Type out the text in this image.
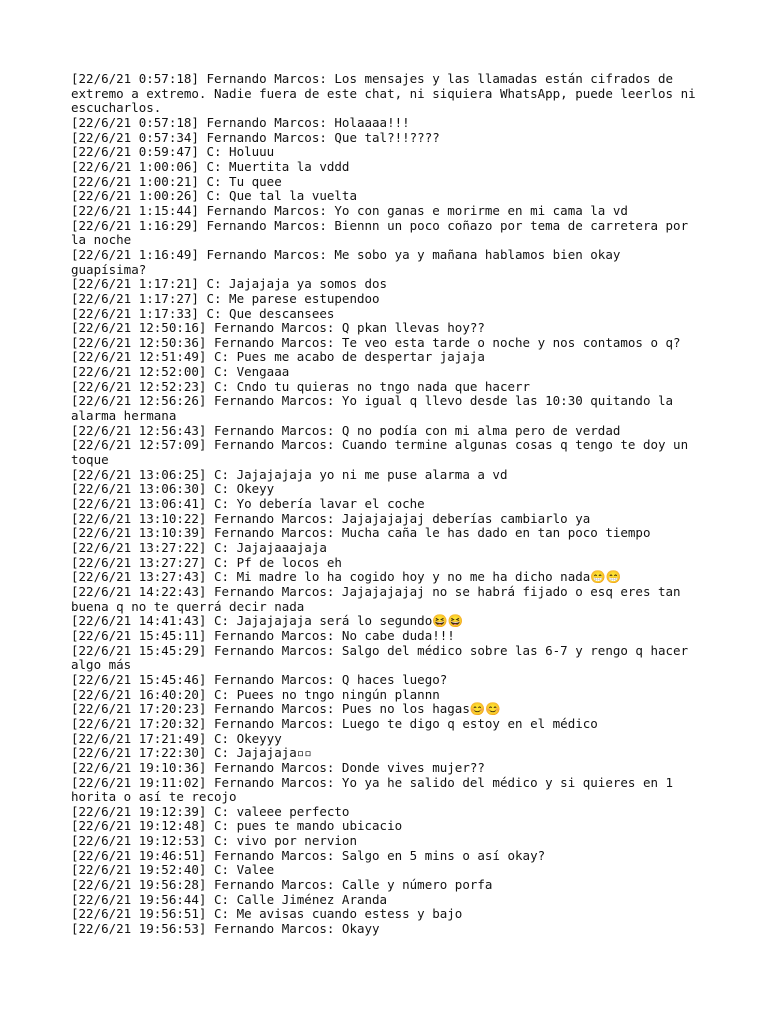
[22/6/21 0:57:18] Fernando Marcos: Los mensajes y las llamadas están cifrados de extremo a extremo. Nadie fuera de este chat, ni siquiera WhatsApp, puede leerlos ni escucharlos.

[22/6/21 0:57:18] Fernando Marcos: Holaaaa!!!

[22/6/21 0:57:34] Fernando Marcos: Que tal?!!????

[22/6/21 0:59:47] C: Holuuu

[22/6/21 1:00:06] C: Muertita la vddd

[22/6/21 1:00:21] C: Tu quee

[22/6/21 1:00:26] C: Que tal la vuelta

[22/6/21 1:15:44] Fernando Marcos: Yo con ganas e morirme en mi cama la vd

[22/6/21 1:16:29] Fernando Marcos: Biennn un poco coñazo por tema de carretera por la noche

[22/6/21 1:16:49] Fernando Marcos: Me sobo ya y mañana hablamos bien okay guapísima?

[22/6/21 1:17:21] C: Jajajaja ya somos dos

[22/6/21 1:17:27] C: Me parese estupendoo

[22/6/21 1:17:33] C: Que descansees

[22/6/21 12:50:16] Fernando Marcos: Q pkan llevas hoy??

[22/6/21 12:50:36] Fernando Marcos: Te veo esta tarde o noche y nos contamos o q?

[22/6/21 12:51:49] C: Pues me acabo de despertar jajaja

[22/6/21 12:52:00] C: Vengaaa

[22/6/21 12:52:23] C: Cndo tu quieras no tngo nada que hacerr

[22/6/21 12:56:26] Fernando Marcos: Yo igual q llevo desde las 10:30 quitando la alarma hermana

[22/6/21 12:56:43] Fernando Marcos: Q no podía con mi alma pero de verdad

[22/6/21 12:57:09] Fernando Marcos: Cuando termine algunas cosas q tengo te doy un toque

[22/6/21 13:06:25] C: Jajajajaja yo ni me puse alarma a vd

[22/6/21 13:06:30] C: Okeyy

[22/6/21 13:06:41] C: Yo debería lavar el coche

[22/6/21 13:10:22] Fernando Marcos: Jajajajajaj deberías cambiarlo ya

[22/6/21 13:10:39] Fernando Marcos: Mucha caña le has dado en tan poco tiempo

[22/6/21 13:27:22] C: Jajajaaajaja

[22/6/21 13:27:27] C: Pf de locos eh

[22/6/21 13:27:43] C: Mi madre lo ha cogido hoy y no me ha dicho nada😁😁

[22/6/21 14:22:43] Fernando Marcos: Jajajajajaj no se habrá fijado o esq eres tan buena q no te querrá decir nada

[22/6/21 14:41:43] C: Jajajajaja será lo segundo😆😆

[22/6/21 15:45:11] Fernando Marcos: No cabe duda!!!

[22/6/21 15:45:29] Fernando Marcos: Salgo del médico sobre las 6-7 y rengo q hacer algo más

[22/6/21 15:45:46] Fernando Marcos: Q haces luego?

[22/6/21 16:40:20] C: Puees no tngo ningún plannn

[22/6/21 17:20:23] Fernando Marcos: Pues no los hagas😊😊

[22/6/21 17:20:32] Fernando Marcos: Luego te digo q estoy en el médico

[22/6/21 17:21:49] C: Okeyyy

[22/6/21 17:22:30] C: Jajajaja▫▫

[22/6/21 19:10:36] Fernando Marcos: Donde vives mujer??

[22/6/21 19:11:02] Fernando Marcos: Yo ya he salido del médico y si quieres en 1 horita o así te recojo

[22/6/21 19:12:39] C: valeee perfecto

[22/6/21 19:12:48] C: pues te mando ubicacio

[22/6/21 19:12:53] C: vivo por nervion

[22/6/21 19:46:51] Fernando Marcos: Salgo en 5 mins o así okay?

[22/6/21 19:52:40] C: Valee

[22/6/21 19:56:28] Fernando Marcos: Calle y número porfa

[22/6/21 19:56:44] C: Calle Jiménez Aranda

[22/6/21 19:56:51] C: Me avisas cuando estess y bajo

[22/6/21 19:56:53] Fernando Marcos: Okayy
